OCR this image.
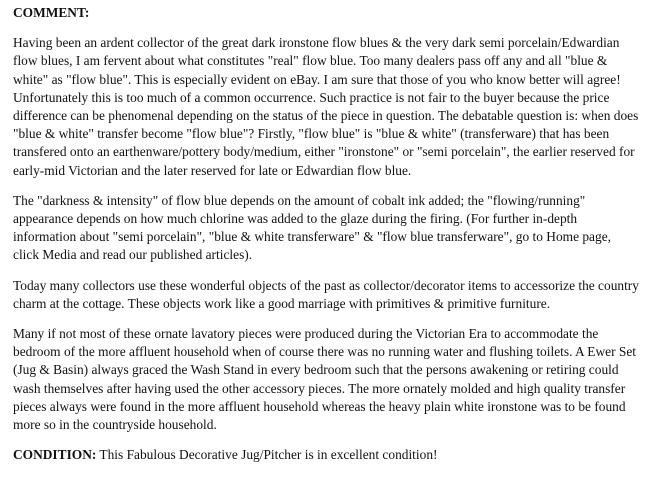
COMMENT:

Having been an ardent collector of the great dark ironstone flow blues & the very dark semi porcelain/Edwardian flow blues, I am fervent about what constitutes "real" flow blue. Too many dealers pass off any and all "blue & white" as "flow blue". This is especially evident on eBay. I am sure that those of you who know better will agree! Unfortunately this is too much of a common occurrence. Such practice is not fair to the buyer because the price difference can be phenomenal depending on the status of the piece in question. The debatable question is: when does "blue & white" transfer become "flow blue"? Firstly, "flow blue" is "blue & white" (transferware) that has been transfered onto an earthenware/pottery body/medium, either "ironstone" or "semi porcelain", the earlier reserved for early-mid Victorian and the later reserved for late or Edwardian flow blue.

The "darkness & intensity" of flow blue depends on the amount of cobalt ink added; the "flowing/running" appearance depends on how much chlorine was added to the glaze during the firing. (For further in-depth information about "semi porcelain", "blue & white transferware" & "flow blue transferware", go to Home page, click Media and read our published articles).

Today many collectors use these wonderful objects of the past as collector/decorator items to accessorize the country charm at the cottage. These objects work like a good marriage with primitives & primitive furniture.

Many if not most of these ornate lavatory pieces were produced during the Victorian Era to accommodate the bedroom of the more affluent household when of course there was no running water and flushing toilets. A Ewer Set (Jug & Basin) always graced the Wash Stand in every bedroom such that the persons awakening or retiring could wash themselves after having used the other accessory pieces. The more ornately molded and high quality transfer pieces always were found in the more affluent household whereas the heavy plain white ironstone was to be found more so in the countryside household.

CONDITION: This Fabulous Decorative Jug/Pitcher is in excellent condition!
